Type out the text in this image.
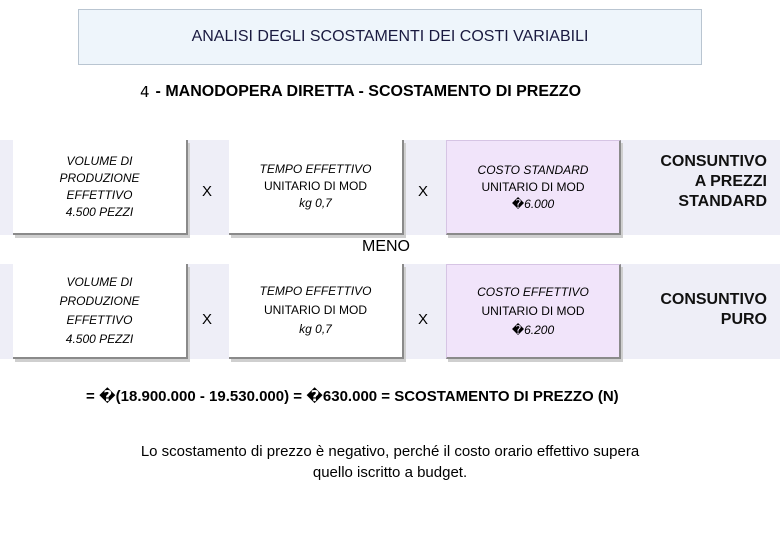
ANALISI DEGLI SCOSTAMENTI DEI COSTI VARIABILI
4 - MANODOPERA DIRETTA - SCOSTAMENTO DI PREZZO
VOLUME DI
PRODUZIONE
EFFETTIVO
4.500 PEZZI
X
TEMPO EFFETTIVO
UNITARIO DI MOD
kg 0,7
X
COSTO STANDARD
UNITARIO DI MOD
�6.000
CONSUNTIVO
A PREZZI
STANDARD
MENO
VOLUME DI
PRODUZIONE
EFFETTIVO
4.500 PEZZI
X
TEMPO EFFETTIVO
UNITARIO DI MOD
kg 0,7
X
COSTO EFFETTIVO
UNITARIO DI MOD
�6.200
CONSUNTIVO
PURO
= �(18.900.000 - 19.530.000) = �630.000 = SCOSTAMENTO DI PREZZO (N)
Lo scostamento di prezzo è negativo, perché il costo orario effettivo supera
quello iscritto a budget.
